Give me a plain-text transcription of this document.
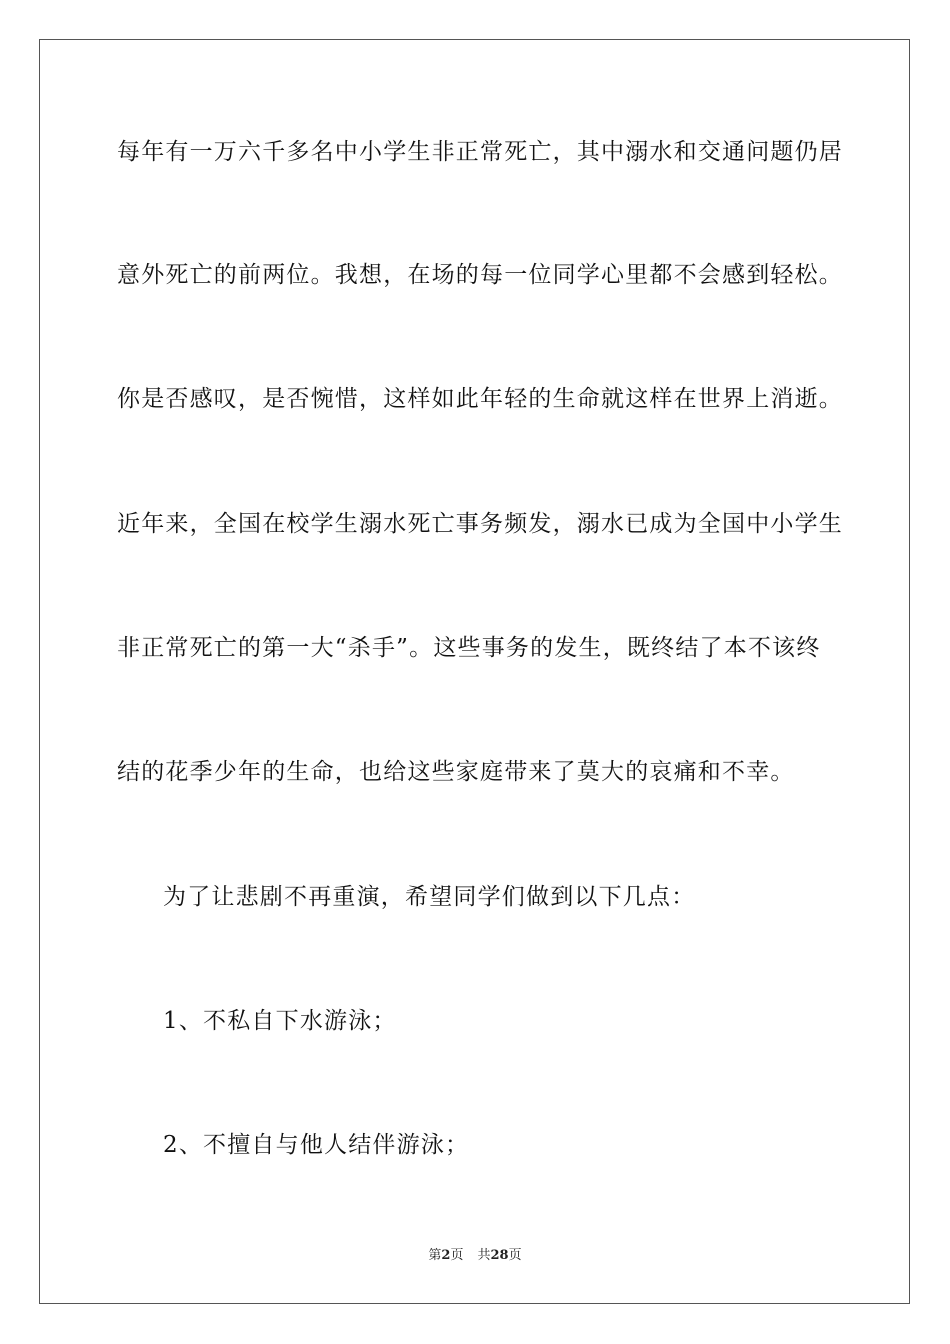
每年有一万六千多名中小学生非正常死亡，其中溺水和交通问题仍居
意外死亡的前两位。我想，在场的每一位同学心里都不会感到轻松。
你是否感叹，是否惋惜，这样如此年轻的生命就这样在世界上消逝。
近年来，全国在校学生溺水死亡事务频发，溺水已成为全国中小学生
非正常死亡的第一大“杀手”。这些事务的发生，既终结了本不该终
结的花季少年的生命，也给这些家庭带来了莫大的哀痛和不幸。
为了让悲剧不再重演，希望同学们做到以下几点：
1、不私自下水游泳；
2、不擅自与他人结伴游泳；
第2页 共28页
